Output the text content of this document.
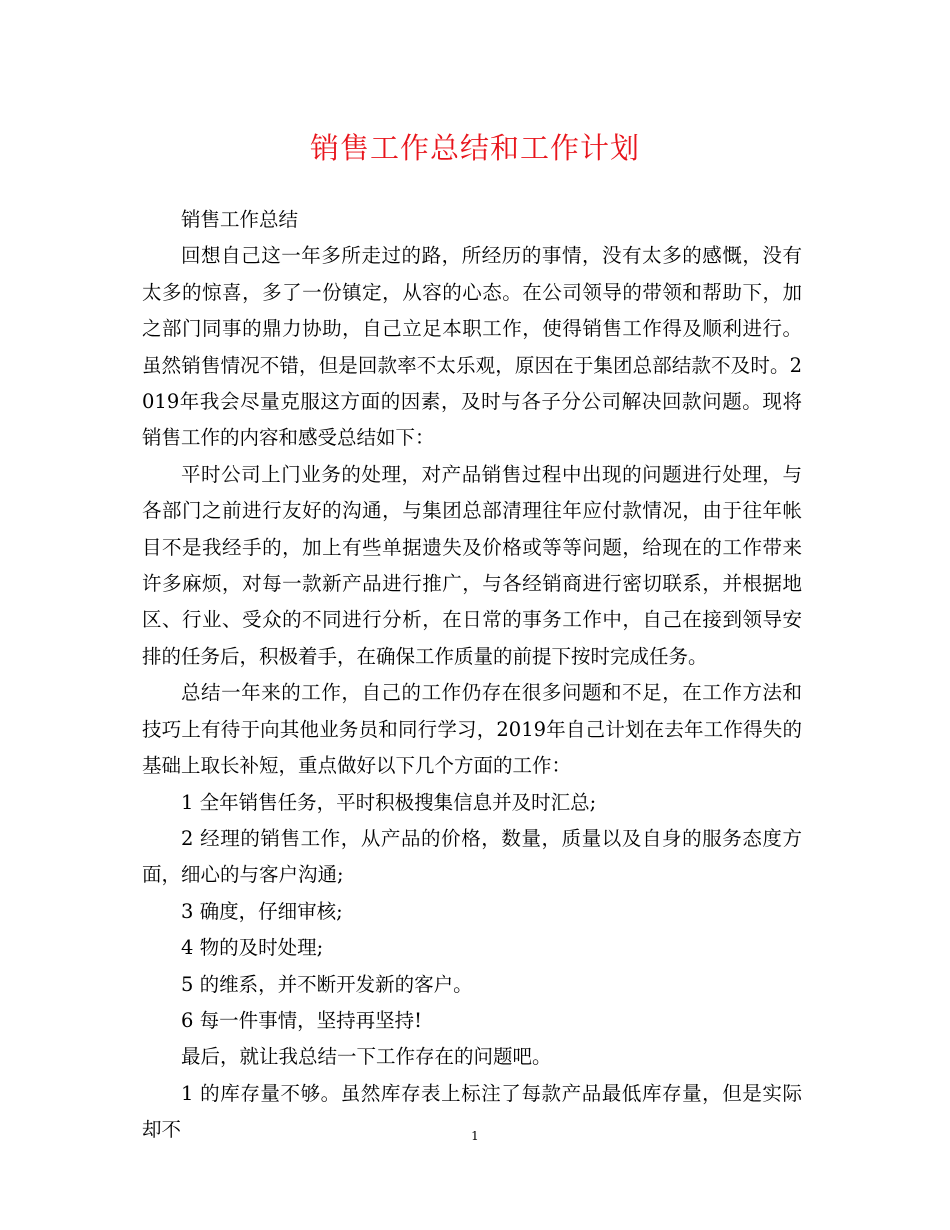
销售工作总结和工作计划

销售工作总结

回想自己这一年多所走过的路，所经历的事情，没有太多的感慨，没有太多的惊喜，多了一份镇定，从容的心态。在公司领导的带领和帮助下，加之部门同事的鼎力协助，自己立足本职工作，使得销售工作得及顺利进行。虽然销售情况不错，但是回款率不太乐观，原因在于集团总部结款不及时。2019年我会尽量克服这方面的因素，及时与各子分公司解决回款问题。现将销售工作的内容和感受总结如下：

平时公司上门业务的处理，对产品销售过程中出现的问题进行处理，与各部门之前进行友好的沟通，与集团总部清理往年应付款情况，由于往年帐目不是我经手的，加上有些单据遗失及价格或等等问题，给现在的工作带来许多麻烦，对每一款新产品进行推广，与各经销商进行密切联系，并根据地区、行业、受众的不同进行分析，在日常的事务工作中，自己在接到领导安排的任务后，积极着手，在确保工作质量的前提下按时完成任务。

总结一年来的工作，自己的工作仍存在很多问题和不足，在工作方法和技巧上有待于向其他业务员和同行学习，2019年自己计划在去年工作得失的基础上取长补短，重点做好以下几个方面的工作：

1 全年销售任务，平时积极搜集信息并及时汇总;

2 经理的销售工作，从产品的价格，数量，质量以及自身的服务态度方面，细心的与客户沟通;

3 确度，仔细审核;

4 物的及时处理;

5 的维系，并不断开发新的客户。

6 每一件事情，坚持再坚持!

最后，就让我总结一下工作存在的问题吧。

1 的库存量不够。虽然库存表上标注了每款产品最低库存量，但是实际却不	1
